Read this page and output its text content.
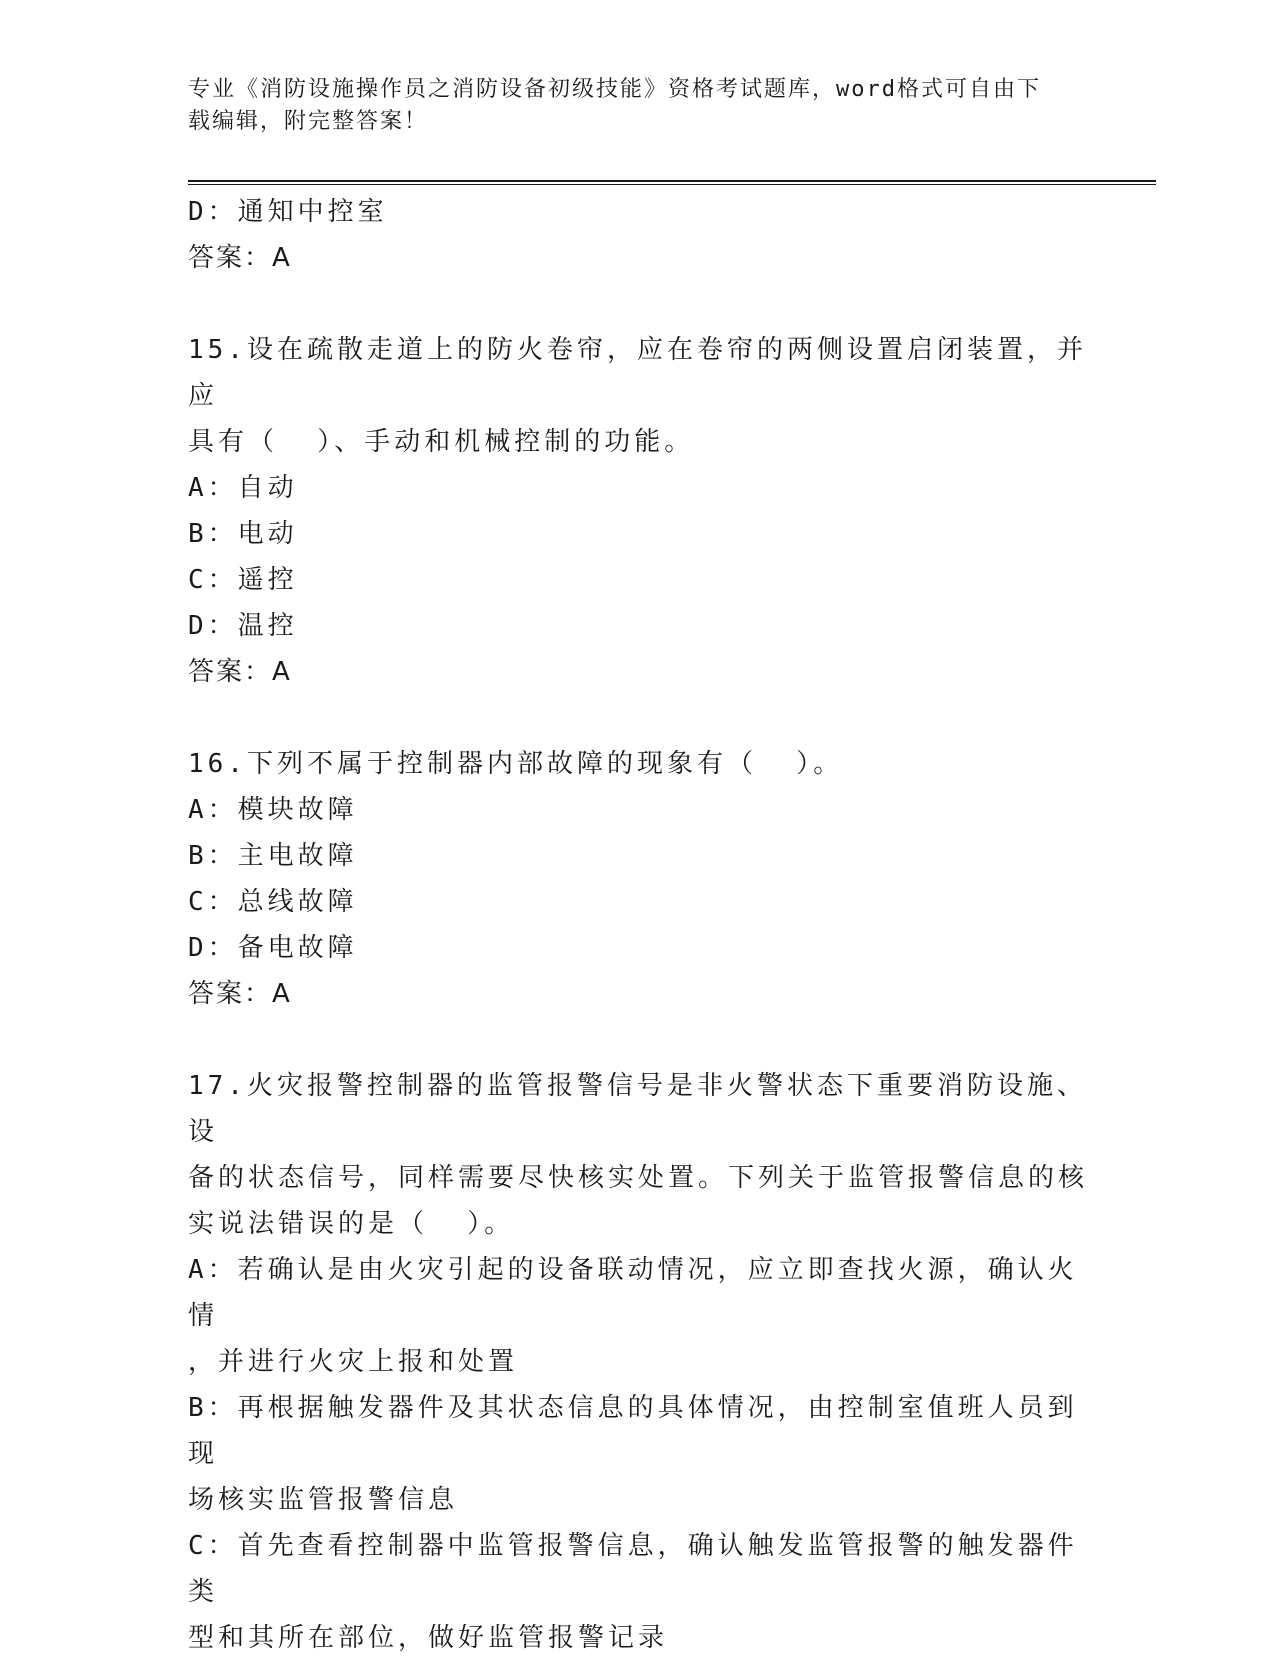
专业《消防设施操作员之消防设备初级技能》资格考试题库，word格式可自由下
载编辑，附完整答案！
D：通知中控室
答案：A
15.设在疏散走道上的防火卷帘，应在卷帘的两侧设置启闭装置，并应
具有（  ）、手动和机械控制的功能。
A：自动
B：电动
C：遥控
D：温控
答案：A
16.下列不属于控制器内部故障的现象有（  ）。
A：模块故障
B：主电故障
C：总线故障
D：备电故障
答案：A
17.火灾报警控制器的监管报警信号是非火警状态下重要消防设施、设
备的状态信号，同样需要尽快核实处置。下列关于监管报警信息的核
实说法错误的是（  ）。
A：若确认是由火灾引起的设备联动情况，应立即查找火源，确认火情
，并进行火灾上报和处置
B：再根据触发器件及其状态信息的具体情况，由控制室值班人员到现
场核实监管报警信息
C：首先查看控制器中监管报警信息，确认触发监管报警的触发器件类
型和其所在部位，做好监管报警记录
